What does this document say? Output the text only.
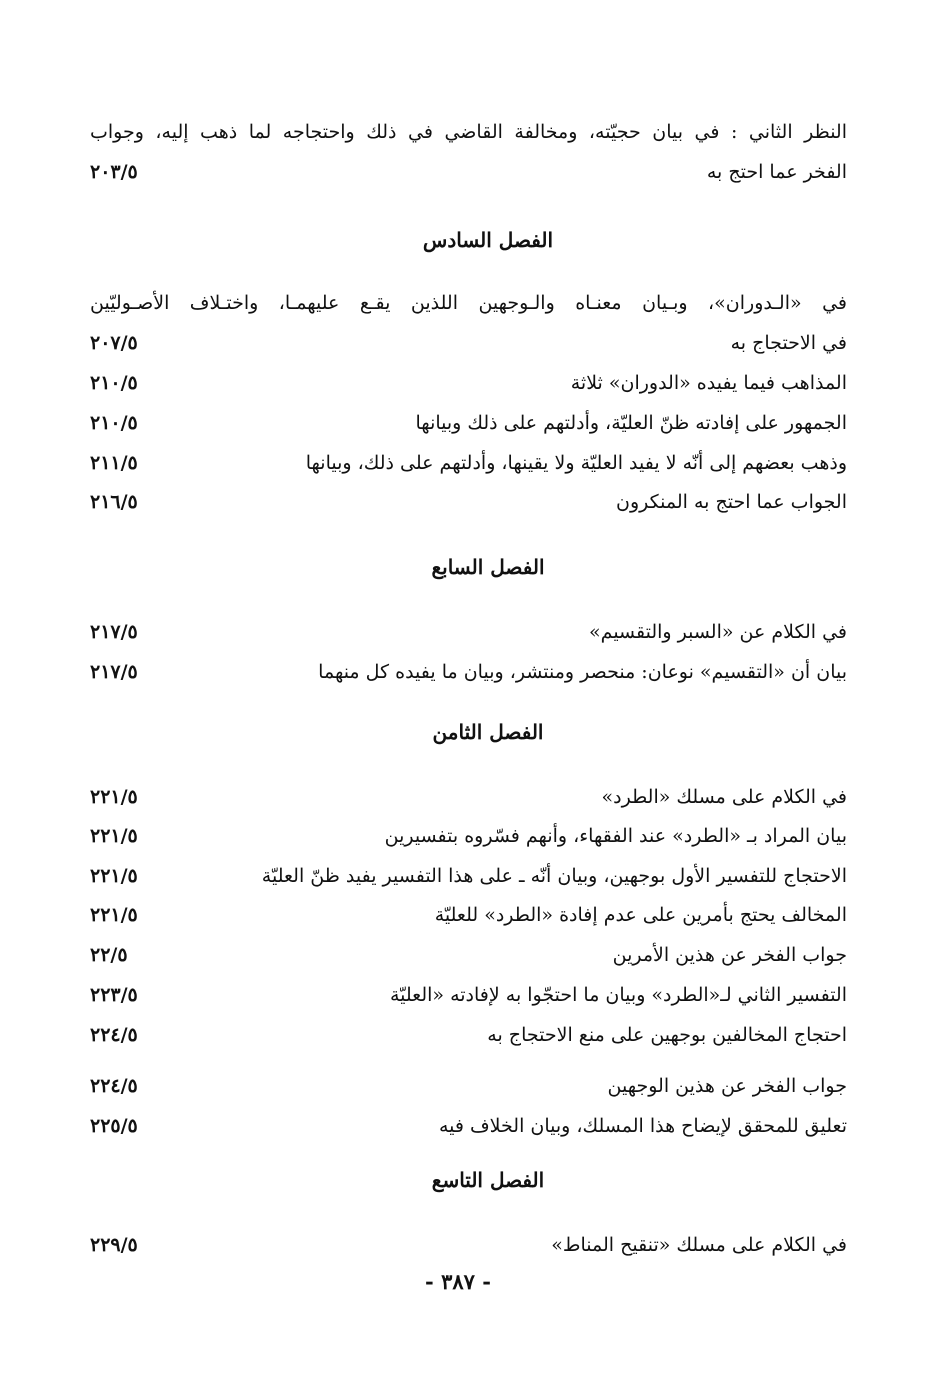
النظر الثاني : في بيان حجيّته، ومخالفة القاضي في ذلك واحتجاجه لما ذهب إليه، وجواب
الفخر عما احتج به
٢٠٣/٥
الفصل السادس
في «الـدوران»، وبـيان معنـاه والـوجهين اللذين يقـع عليهمـا، واختـلاف الأصـوليّين
في الاحتجاج به
٢٠٧/٥
المذاهب فيما يفيده «الدوران» ثلاثة
٢١٠/٥
الجمهور على إفادته ظنّ العليّة، وأدلتهم على ذلك وبيانها
٢١٠/٥
وذهب بعضهم إلى أنّه لا يفيد العليّة ولا يقينها، وأدلتهم على ذلك، وبيانها
٢١١/٥
الجواب عما احتج به المنكرون
٢١٦/٥
الفصل السابع
في الكلام عن «السبر والتقسيم»
٢١٧/٥
بيان أن «التقسيم» نوعان: منحصر ومنتشر، وبيان ما يفيده كل منهما
٢١٧/٥
الفصل الثامن
في الكلام على مسلك «الطرد»
٢٢١/٥
بيان المراد بـ «الطرد» عند الفقهاء، وأنهم فسّروه بتفسيرين
٢٢١/٥
الاحتجاج للتفسير الأول بوجهين، وبيان أنّه ـ على هذا التفسير يفيد ظنّ العليّة
٢٢١/٥
المخالف يحتج بأمرين على عدم إفادة «الطرد» للعليّة
٢٢١/٥
جواب الفخر عن هذين الأمرين
٢٢/٥
التفسير الثاني لـ«الطرد» وبيان ما احتجّوا به لإفادته «العليّة
٢٢٣/٥
احتجاج المخالفين بوجهين على منع الاحتجاج به
٢٢٤/٥
جواب الفخر عن هذين الوجهين
٢٢٤/٥
تعليق للمحقق لإيضاح هذا المسلك، وبيان الخلاف فيه
٢٢٥/٥
الفصل التاسع
في الكلام على مسلك «تنقيح المناط»
٢٢٩/٥
- ٣٨٧ -
